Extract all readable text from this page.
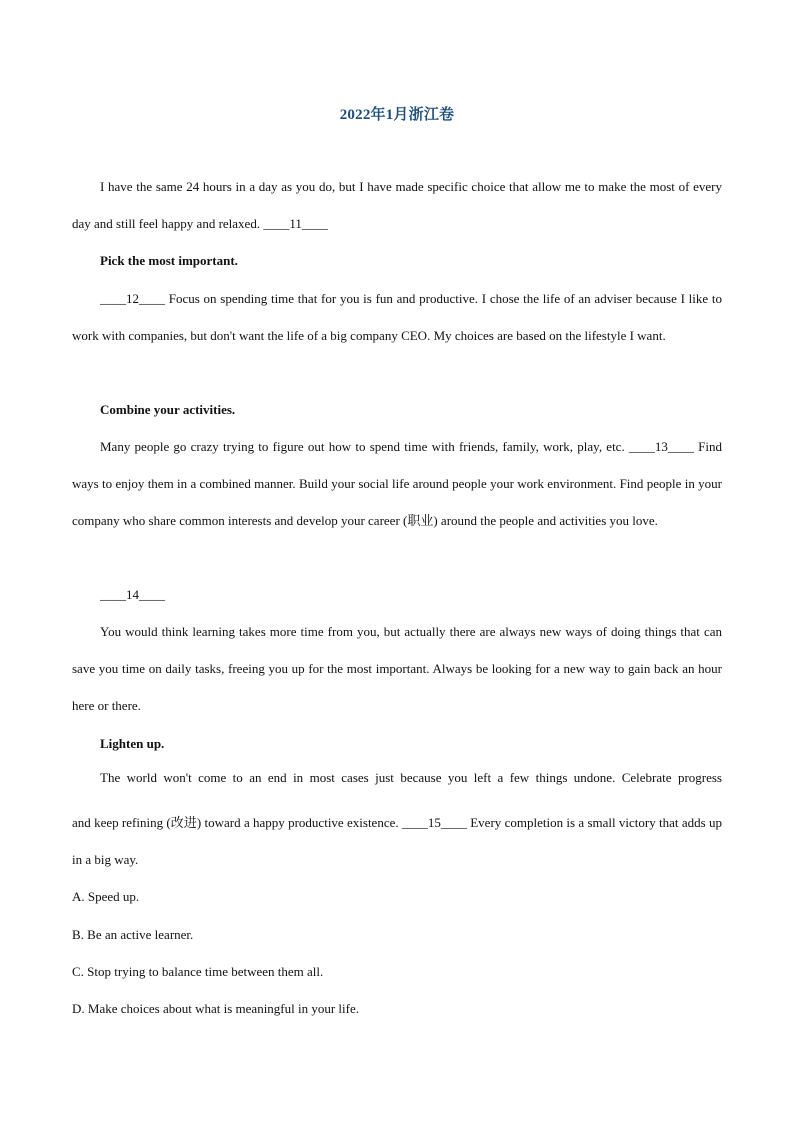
2022年1月浙江卷
I have the same 24 hours in a day as you do, but I have made specific choice that allow me to make the most of every day and still feel happy and relaxed. ____11____
Pick the most important.
____12____ Focus on spending time that for you is fun and productive. I chose the life of an adviser because I like to work with companies, but don't want the life of a big company CEO. My choices are based on the lifestyle I want.
Combine your activities.
Many people go crazy trying to figure out how to spend time with friends, family, work, play, etc. ____13____ Find ways to enjoy them in a combined manner. Build your social life around people your work environment. Find people in your company who share common interests and develop your career (职业) around the people and activities you love.
____14____
You would think learning takes more time from you, but actually there are always new ways of doing things that can save you time on daily tasks, freeing you up for the most important. Always be looking for a new way to gain back an hour here or there.
Lighten up.
The world won't come to an end in most cases just because you left a few things undone. Celebrate progress
and keep refining (改进) toward a happy productive existence. ____15____ Every completion is a small victory that adds up in a big way.
A. Speed up.
B. Be an active learner.
C. Stop trying to balance time between them all.
D. Make choices about what is meaningful in your life.
